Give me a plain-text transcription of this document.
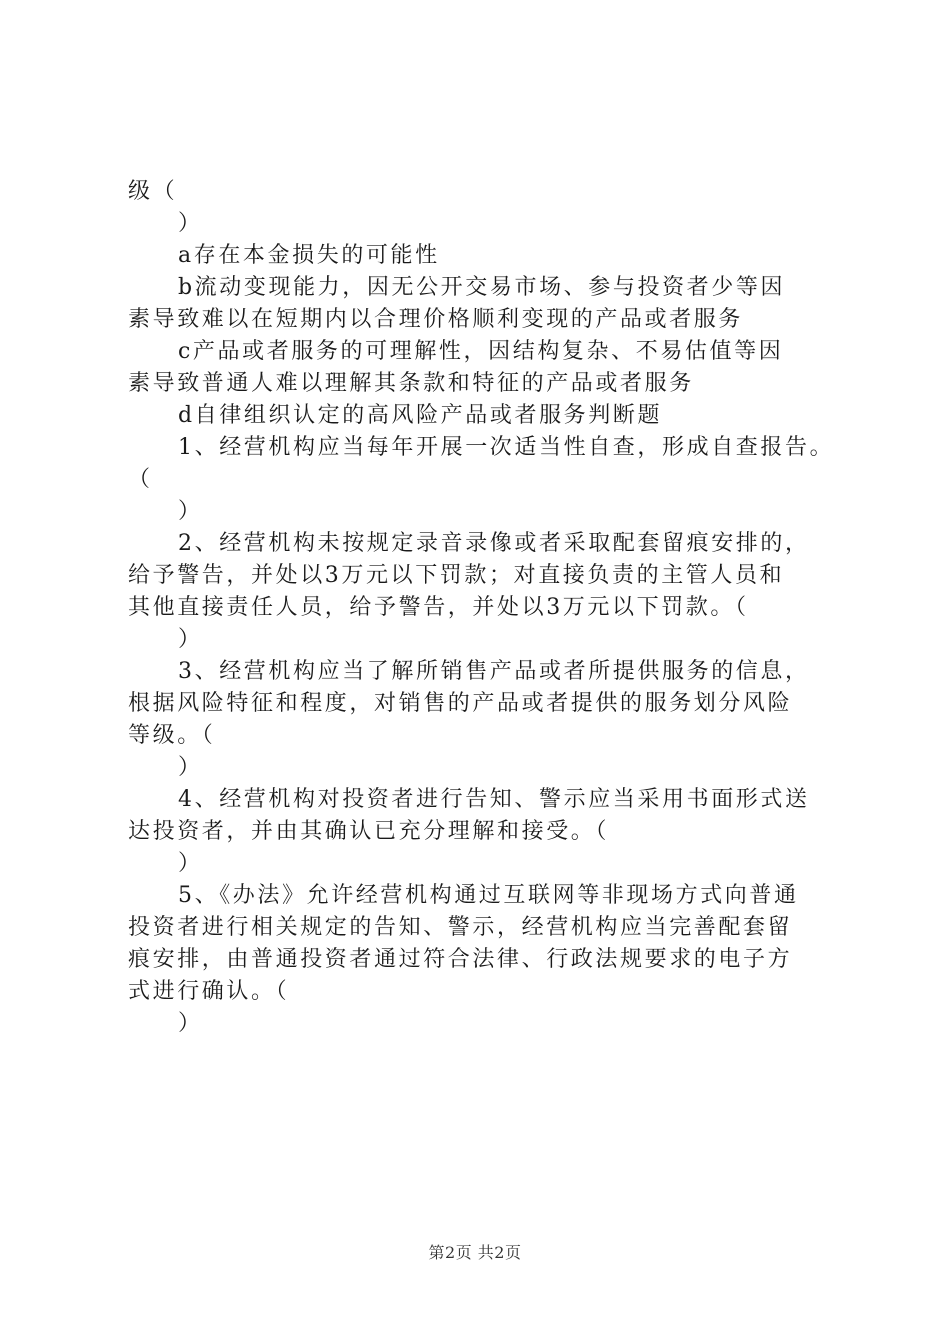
级（
）
a存在本金损失的可能性
b流动变现能力，因无公开交易市场、参与投资者少等因
素导致难以在短期内以合理价格顺利变现的产品或者服务
c产品或者服务的可理解性，因结构复杂、不易估值等因
素导致普通人难以理解其条款和特征的产品或者服务
d自律组织认定的高风险产品或者服务判断题
1、经营机构应当每年开展一次适当性自查，形成自查报告。
（
）
2、经营机构未按规定录音录像或者采取配套留痕安排的，
给予警告，并处以3万元以下罚款；对直接负责的主管人员和
其他直接责任人员，给予警告，并处以3万元以下罚款。（
）
3、经营机构应当了解所销售产品或者所提供服务的信息，
根据风险特征和程度，对销售的产品或者提供的服务划分风险
等级。（
）
4、经营机构对投资者进行告知、警示应当采用书面形式送
达投资者，并由其确认已充分理解和接受。（
）
5、《办法》允许经营机构通过互联网等非现场方式向普通
投资者进行相关规定的告知、警示，经营机构应当完善配套留
痕安排，由普通投资者通过符合法律、行政法规要求的电子方
式进行确认。（
）
第2页 共2页
